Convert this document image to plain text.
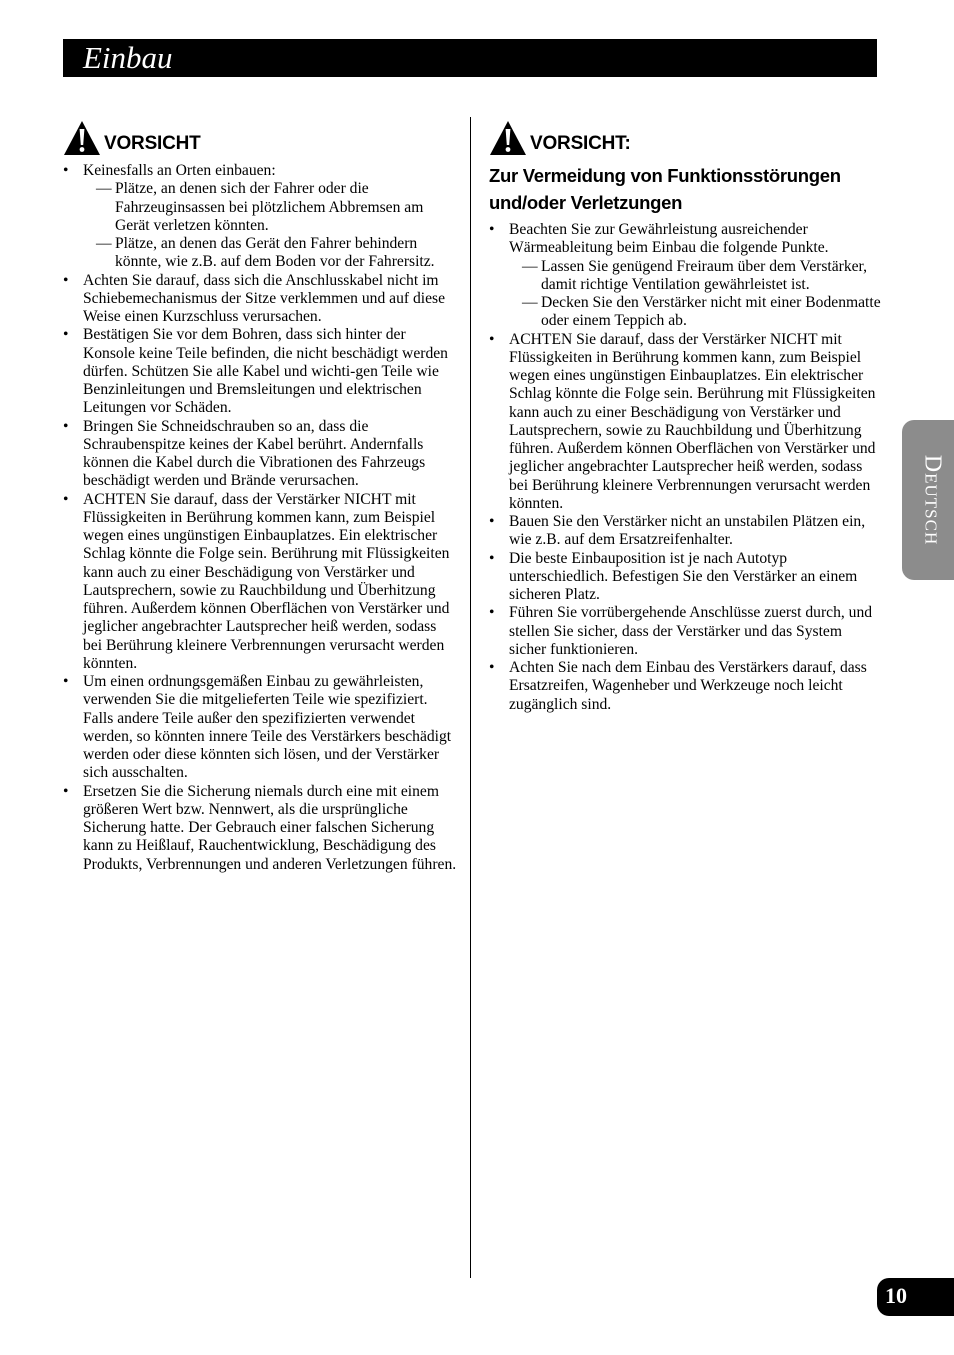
Einbau
VORSICHT
• Keinesfalls an Orten einbauen:
— Plätze, an denen sich der Fahrer oder die Fahrzeuginsassen bei plötzlichem Abbremsen am Gerät verletzen könnten.
— Plätze, an denen das Gerät den Fahrer behindern könnte, wie z.B. auf dem Boden vor der Fahrersitz.
• Achten Sie darauf, dass sich die Anschlusskabel nicht im Schiebemechanismus der Sitze verklemmen und auf diese Weise einen Kurzschluss verursachen.
• Bestätigen Sie vor dem Bohren, dass sich hinter der Konsole keine Teile befinden, die nicht beschädigt werden dürfen. Schützen Sie alle Kabel und wichti-gen Teile wie Benzinleitungen und Bremsleitungen und elektrischen Leitungen vor Schäden.
• Bringen Sie Schneidschrauben so an, dass die Schraubenspitze keines der Kabel berührt. Andernfalls können die Kabel durch die Vibrationen des Fahrzeugs beschädigt werden und Brände verursachen.
• ACHTEN Sie darauf, dass der Verstärker NICHT mit Flüssigkeiten in Berührung kommen kann, zum Beispiel wegen eines ungünstigen Einbauplatzes. Ein elektrischer Schlag könnte die Folge sein. Berührung mit Flüssigkeiten kann auch zu einer Beschädigung von Verstärker und Lautsprechern, sowie zu Rauchbildung und Überhitzung führen. Außerdem können Oberflächen von Verstärker und jeglicher angebrachter Lautsprecher heiß werden, sodass bei Berührung kleinere Verbrennungen verursacht werden könnten.
• Um einen ordnungsgemäßen Einbau zu gewährleisten, verwenden Sie die mitgelieferten Teile wie spezifiziert. Falls andere Teile außer den spezifizierten verwendet werden, so könnten innere Teile des Verstärkers beschädigt werden oder diese könnten sich lösen, und der Verstärker sich ausschalten.
• Ersetzen Sie die Sicherung niemals durch eine mit einem größeren Wert bzw. Nennwert, als die ursprüngliche Sicherung hatte. Der Gebrauch einer falschen Sicherung kann zu Heißlauf, Rauchentwicklung, Beschädigung des Produkts, Verbrennungen und anderen Verletzungen führen.
VORSICHT:
Zur Vermeidung von Funktionsstörungen und/oder Verletzungen
• Beachten Sie zur Gewährleistung ausreichender Wärmeableitung beim Einbau die folgende Punkte.
— Lassen Sie genügend Freiraum über dem Verstärker, damit richtige Ventilation gewährleistet ist.
— Decken Sie den Verstärker nicht mit einer Bodenmatte oder einem Teppich ab.
• ACHTEN Sie darauf, dass der Verstärker NICHT mit Flüssigkeiten in Berührung kommen kann, zum Beispiel wegen eines ungünstigen Einbauplatzes. Ein elektrischer Schlag könnte die Folge sein. Berührung mit Flüssigkeiten kann auch zu einer Beschädigung von Verstärker und Lautsprechern, sowie zu Rauchbildung und Überhitzung führen. Außerdem können Oberflächen von Verstärker und jeglicher angebrachter Lautsprecher heiß werden, sodass bei Berührung kleinere Verbrennungen verursacht werden könnten.
• Bauen Sie den Verstärker nicht an unstabilen Plätzen ein, wie z.B. auf dem Ersatzreifenhalter.
• Die beste Einbauposition ist je nach Autotyp unterschiedlich. Befestigen Sie den Verstärker an einem sicheren Platz.
• Führen Sie vorrübergehende Anschlüsse zuerst durch, und stellen Sie sicher, dass der Verstärker und das System sicher funktionieren.
• Achten Sie nach dem Einbau des Verstärkers darauf, dass Ersatzreifen, Wagenheber und Werkzeuge noch leicht zugänglich sind.
Deutsch
10
